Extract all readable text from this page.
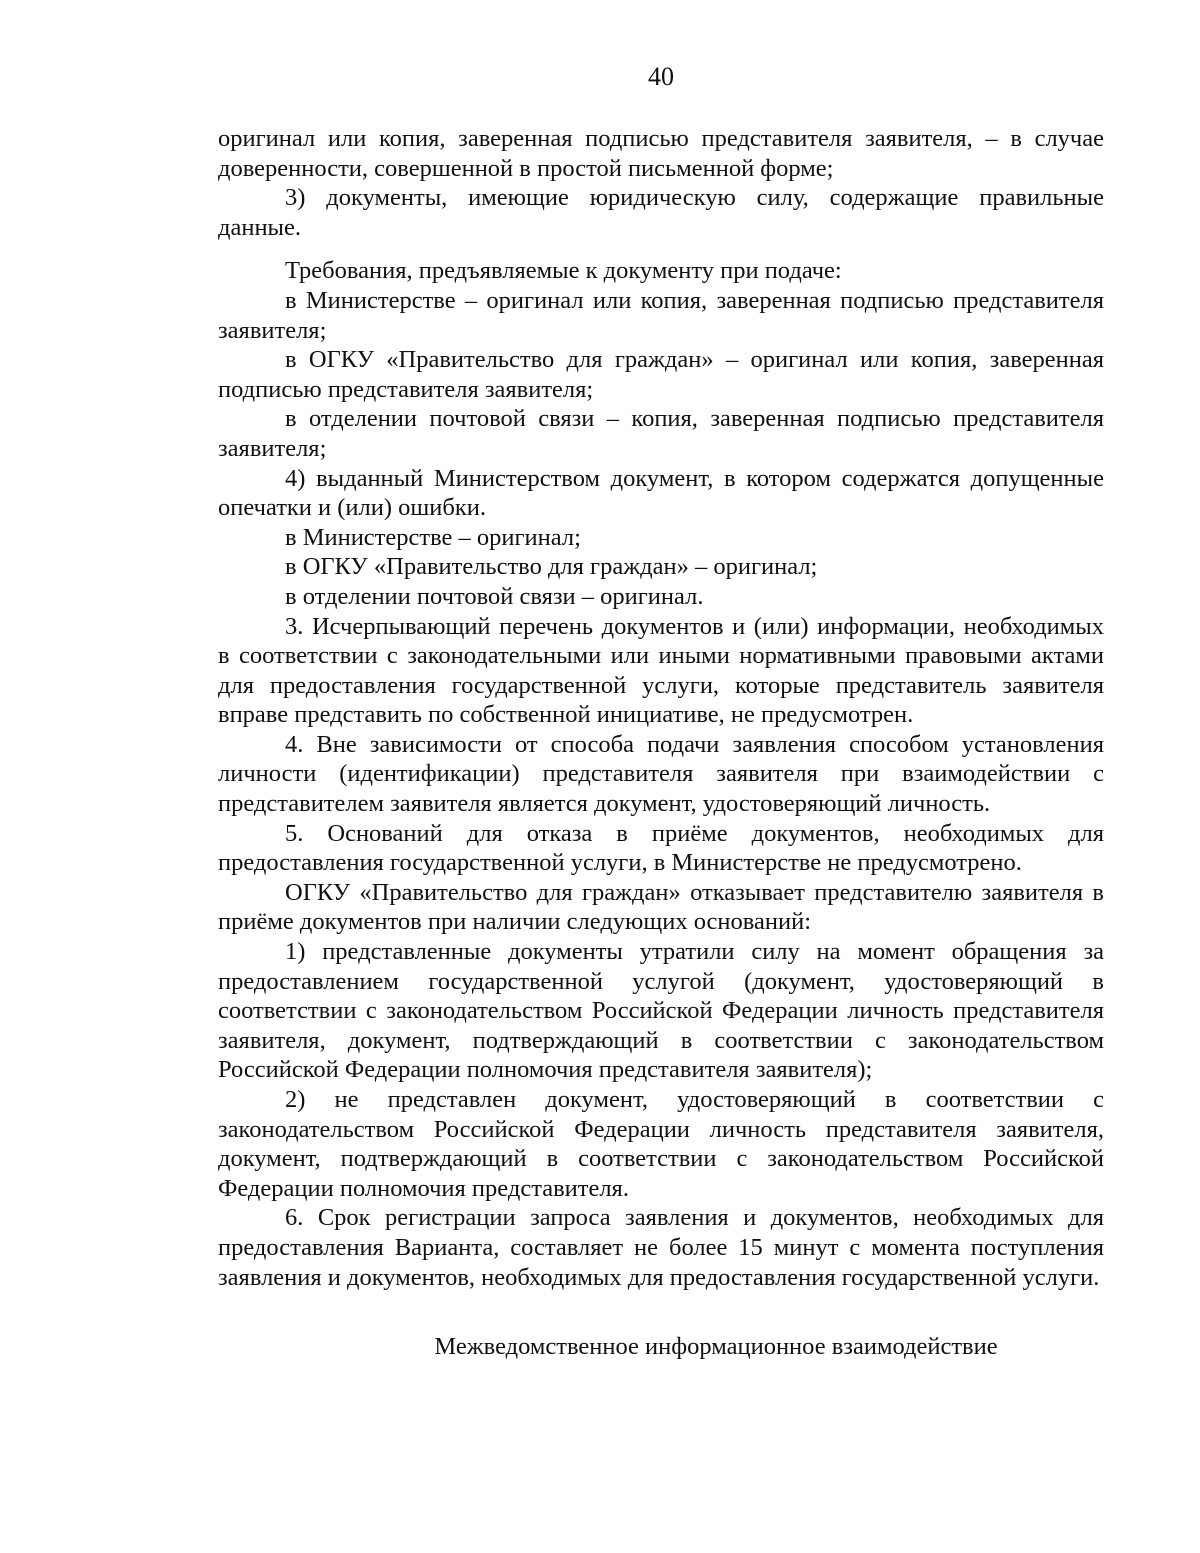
40

оригинал или копия, заверенная подписью представителя заявителя, – в случае доверенности, совершенной в простой письменной форме;

3) документы, имеющие юридическую силу, содержащие правильные данные.

Требования, предъявляемые к документу при подаче:

в Министерстве – оригинал или копия, заверенная подписью представителя заявителя;

в ОГКУ «Правительство для граждан» – оригинал или копия, заверенная подписью представителя заявителя;

в отделении почтовой связи – копия, заверенная подписью представителя заявителя;

4) выданный Министерством документ, в котором содержатся допущенные опечатки и (или) ошибки.

в Министерстве – оригинал;

в ОГКУ «Правительство для граждан» – оригинал;

в отделении почтовой связи – оригинал.

3. Исчерпывающий перечень документов и (или) информации, необходимых в соответствии с законодательными или иными нормативными правовыми актами для предоставления государственной услуги, которые представитель заявителя вправе представить по собственной инициативе, не предусмотрен.

4. Вне зависимости от способа подачи заявления способом установления личности (идентификации) представителя заявителя при взаимодействии с представителем заявителя является документ, удостоверяющий личность.

5. Оснований для отказа в приёме документов, необходимых для предоставления государственной услуги, в Министерстве не предусмотрено.

ОГКУ «Правительство для граждан» отказывает представителю заявителя в приёме документов при наличии следующих оснований:

1) представленные документы утратили силу на момент обращения за предоставлением государственной услугой (документ, удостоверяющий в соответствии с законодательством Российской Федерации личность представителя заявителя, документ, подтверждающий в соответствии с законодательством Российской Федерации полномочия представителя заявителя);

2) не представлен документ, удостоверяющий в соответствии с законодательством Российской Федерации личность представителя заявителя, документ, подтверждающий в соответствии с законодательством Российской Федерации полномочия представителя.

6. Срок регистрации запроса заявления и документов, необходимых для предоставления Варианта, составляет не более 15 минут с момента поступления заявления и документов, необходимых для предоставления государственной услуги.

Межведомственное информационное взаимодействие
